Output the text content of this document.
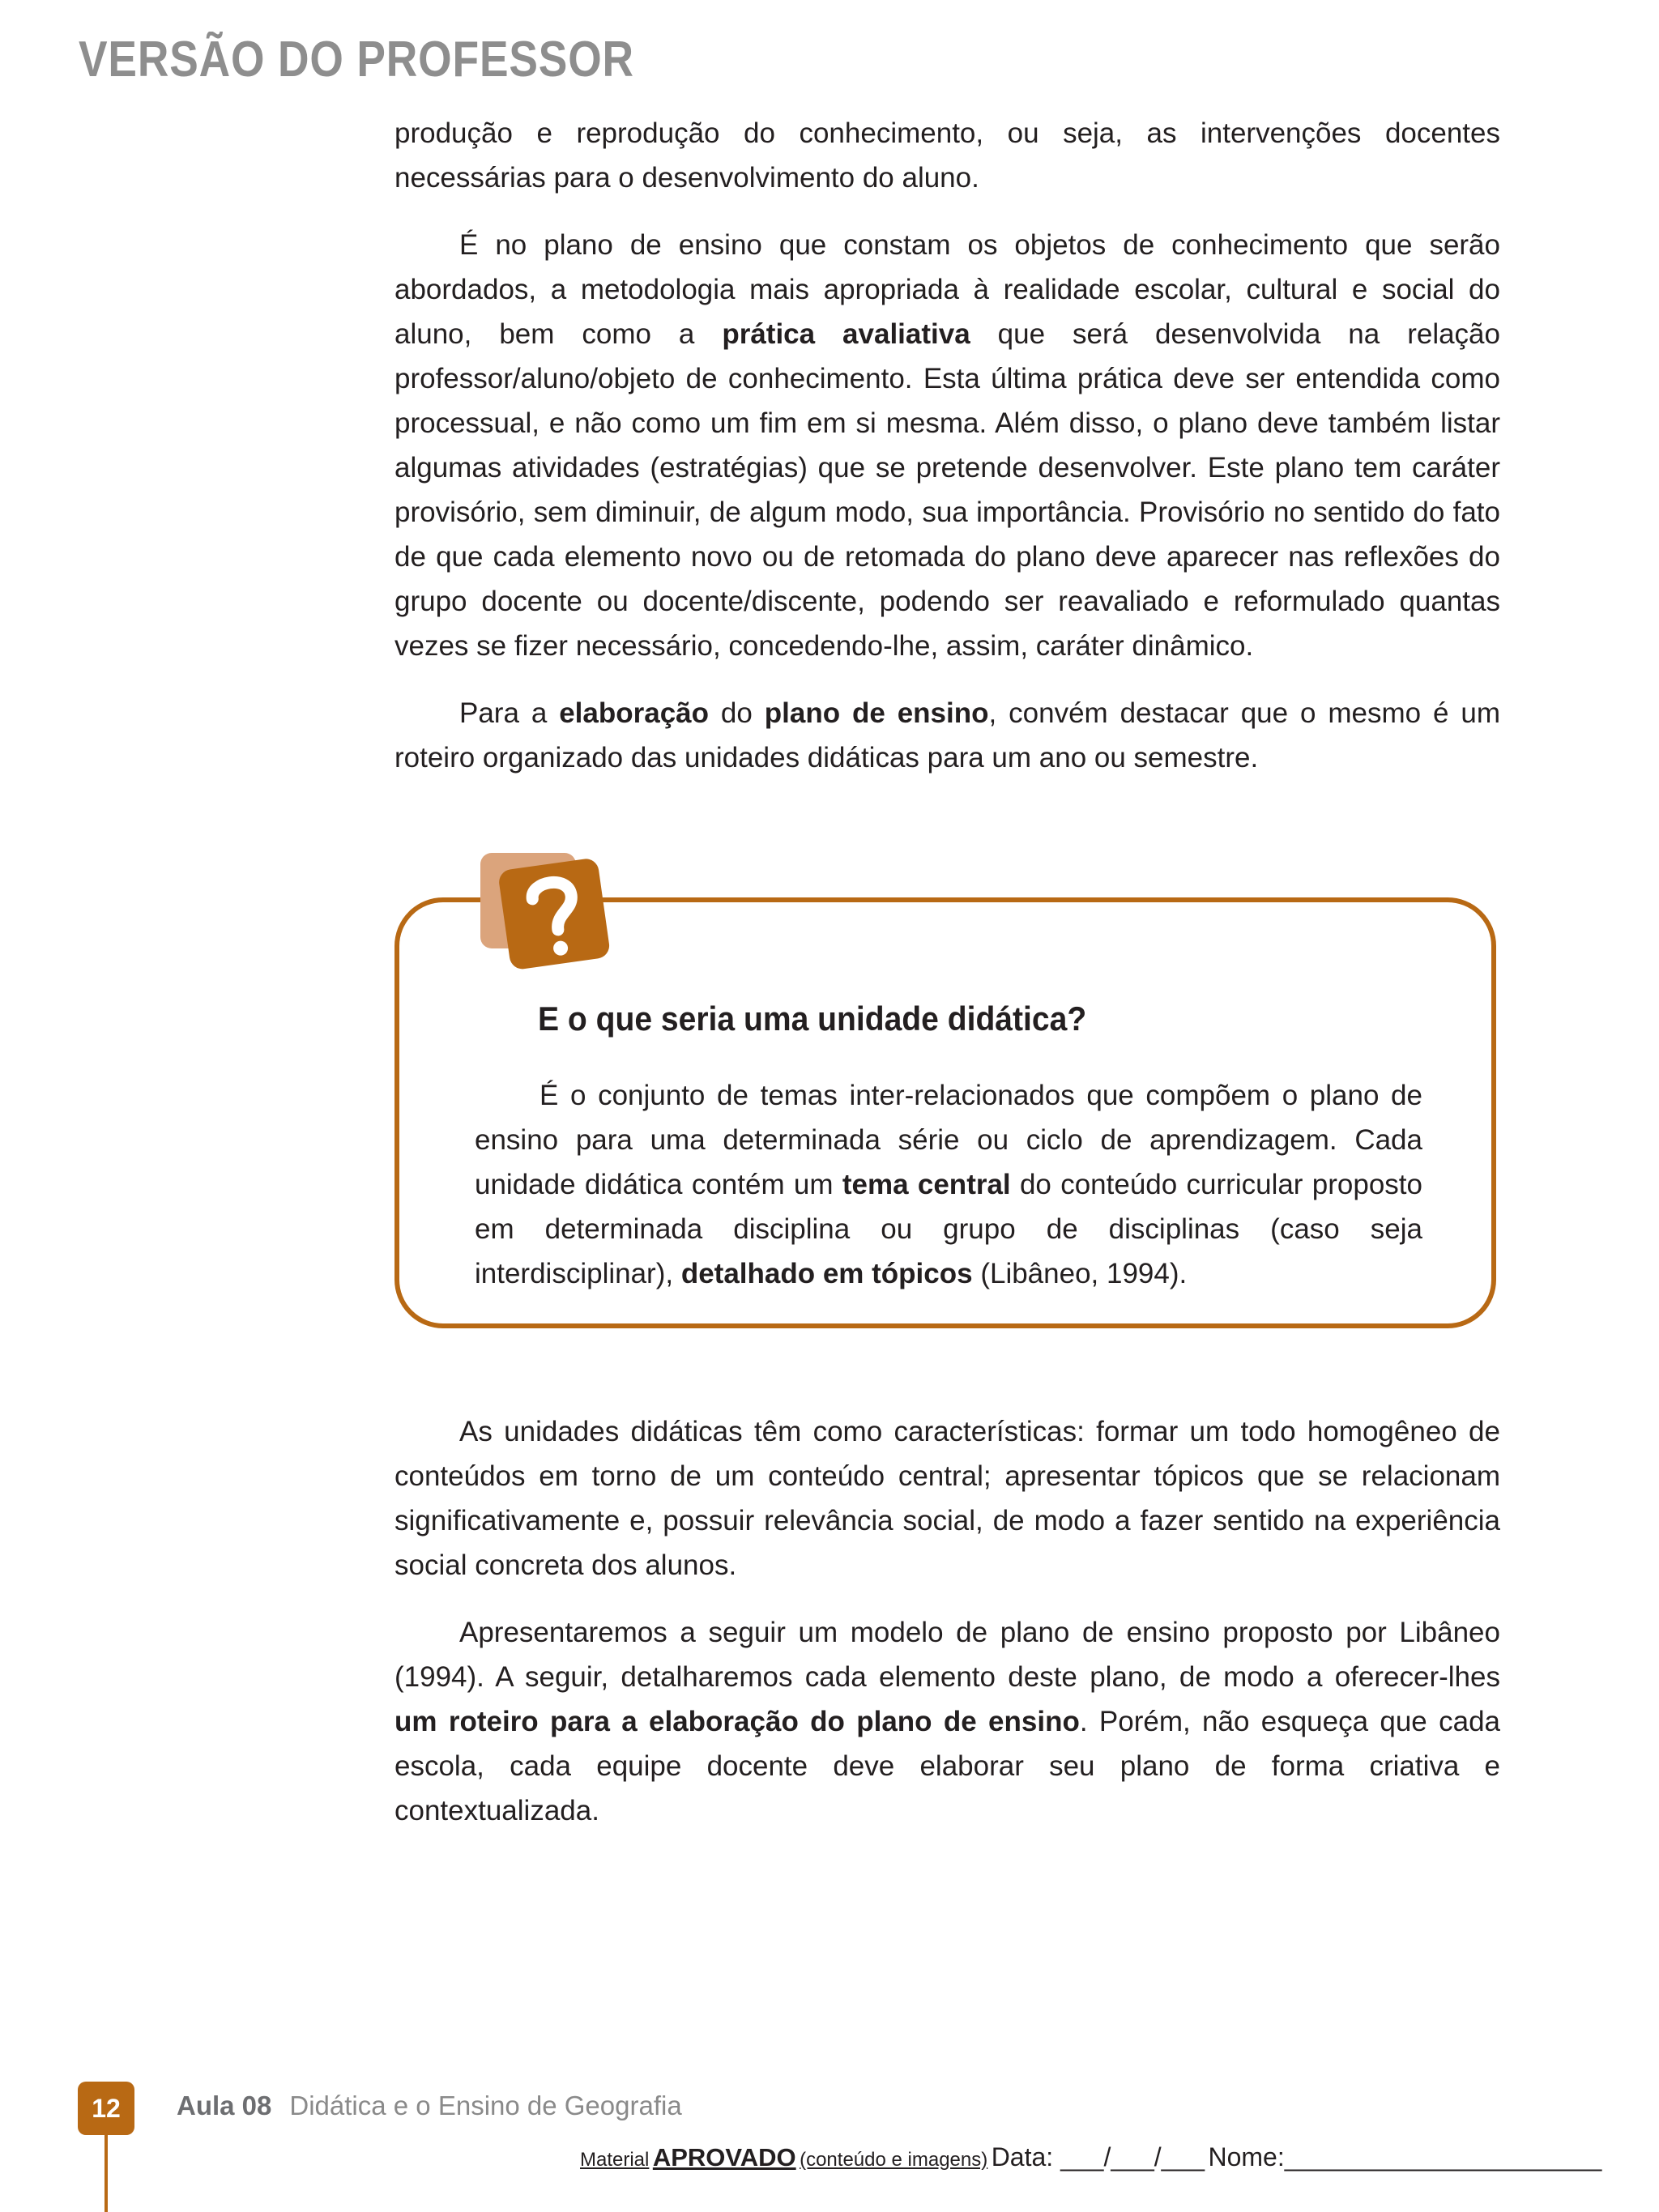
VERSÃO DO PROFESSOR

produção e reprodução do conhecimento, ou seja, as intervenções docentes necessárias para o desenvolvimento do aluno.

É no plano de ensino que constam os objetos de conhecimento que serão abordados, a metodologia mais apropriada à realidade escolar, cultural e social do aluno, bem como a prática avaliativa que será desenvolvida na relação professor/aluno/objeto de conhecimento. Esta última prática deve ser entendida como processual, e não como um fim em si mesma. Além disso, o plano deve também listar algumas atividades (estratégias) que se pretende desenvolver. Este plano tem caráter provisório, sem diminuir, de algum modo, sua importância. Provisório no sentido do fato de que cada elemento novo ou de retomada do plano deve aparecer nas reflexões do grupo docente ou docente/discente, podendo ser reavaliado e reformulado quantas vezes se fizer necessário, concedendo-lhe, assim, caráter dinâmico.

Para a elaboração do plano de ensino, convém destacar que o mesmo é um roteiro organizado das unidades didáticas para um ano ou semestre.

E o que seria uma unidade didática?

É o conjunto de temas inter-relacionados que compõem o plano de ensino para uma determinada série ou ciclo de aprendizagem. Cada unidade didática contém um tema central do conteúdo curricular proposto em determinada disciplina ou grupo de disciplinas (caso seja interdisciplinar), detalhado em tópicos (Libâneo, 1994).

As unidades didáticas têm como características: formar um todo homogêneo de conteúdos em torno de um conteúdo central; apresentar tópicos que se relacionam significativamente e, possuir relevância social, de modo a fazer sentido na experiência social concreta dos alunos.

Apresentaremos a seguir um modelo de plano de ensino proposto por Libâneo (1994). A seguir, detalharemos cada elemento deste plano, de modo a oferecer-lhes um roteiro para a elaboração do plano de ensino. Porém, não esqueça que cada escola, cada equipe docente deve elaborar seu plano de forma criativa e contextualizada.

12	Aula 08 Didática e o Ensino de Geografia
Material APROVADO (conteúdo e imagens) Data: ___/___/___ Nome:______________________
